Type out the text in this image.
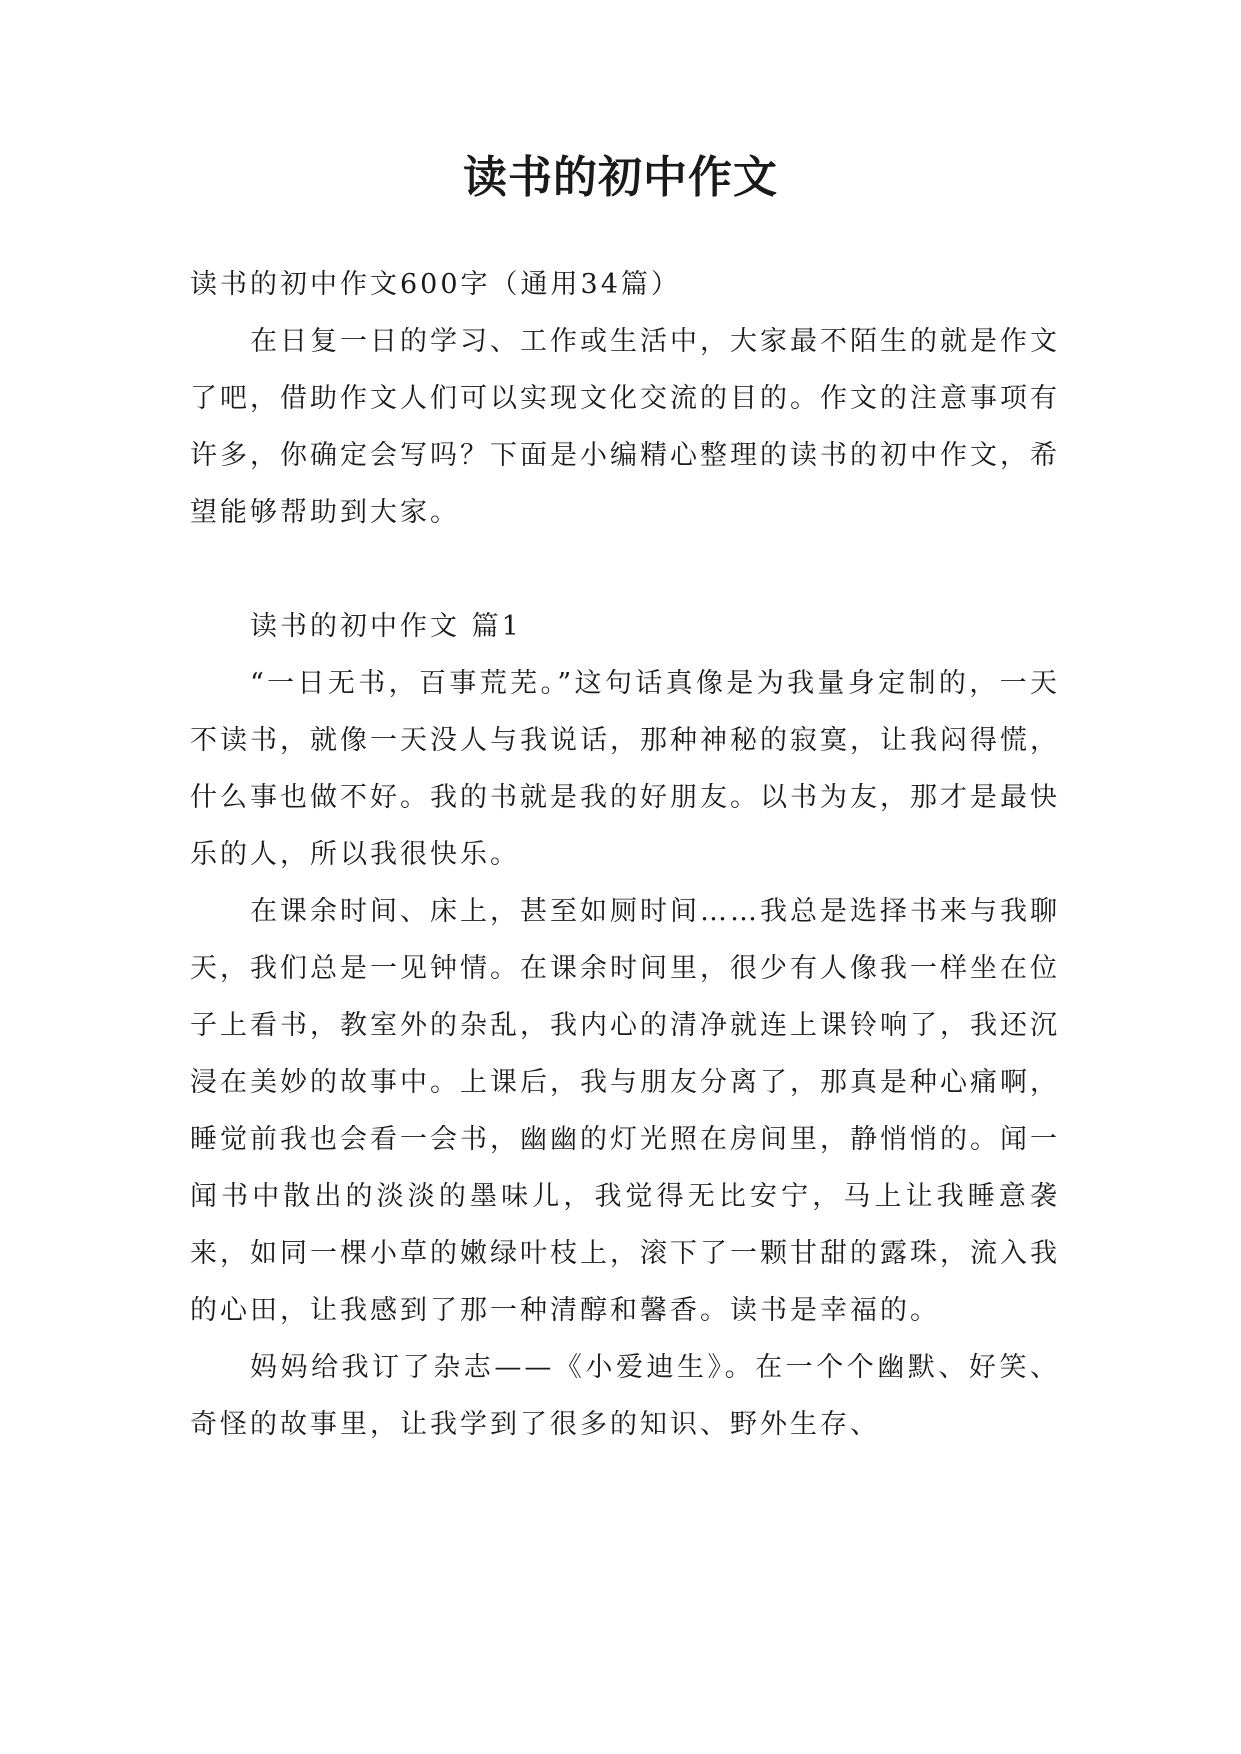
读书的初中作文

读书的初中作文600字（通用34篇）

在日复一日的学习、工作或生活中，大家最不陌生的就是作文了吧，借助作文人们可以实现文化交流的目的。作文的注意事项有许多，你确定会写吗？下面是小编精心整理的读书的初中作文，希望能够帮助到大家。

读书的初中作文 篇1

“一日无书，百事荒芜。”这句话真像是为我量身定制的，一天不读书，就像一天没人与我说话，那种神秘的寂寞，让我闷得慌，什么事也做不好。我的书就是我的好朋友。以书为友，那才是最快乐的人，所以我很快乐。

在课余时间、床上，甚至如厕时间……我总是选择书来与我聊天，我们总是一见钟情。在课余时间里，很少有人像我一样坐在位子上看书，教室外的杂乱，我内心的清净就连上课铃响了，我还沉浸在美妙的故事中。上课后，我与朋友分离了，那真是种心痛啊，睡觉前我也会看一会书，幽幽的灯光照在房间里，静悄悄的。闻一闻书中散出的淡淡的墨味儿，我觉得无比安宁，马上让我睡意袭来，如同一棵小草的嫩绿叶枝上，滚下了一颗甘甜的露珠，流入我的心田，让我感到了那一种清醇和馨香。读书是幸福的。

妈妈给我订了杂志——《小爱迪生》。在一个个幽默、好笑、奇怪的故事里，让我学到了很多的知识、野外生存、
